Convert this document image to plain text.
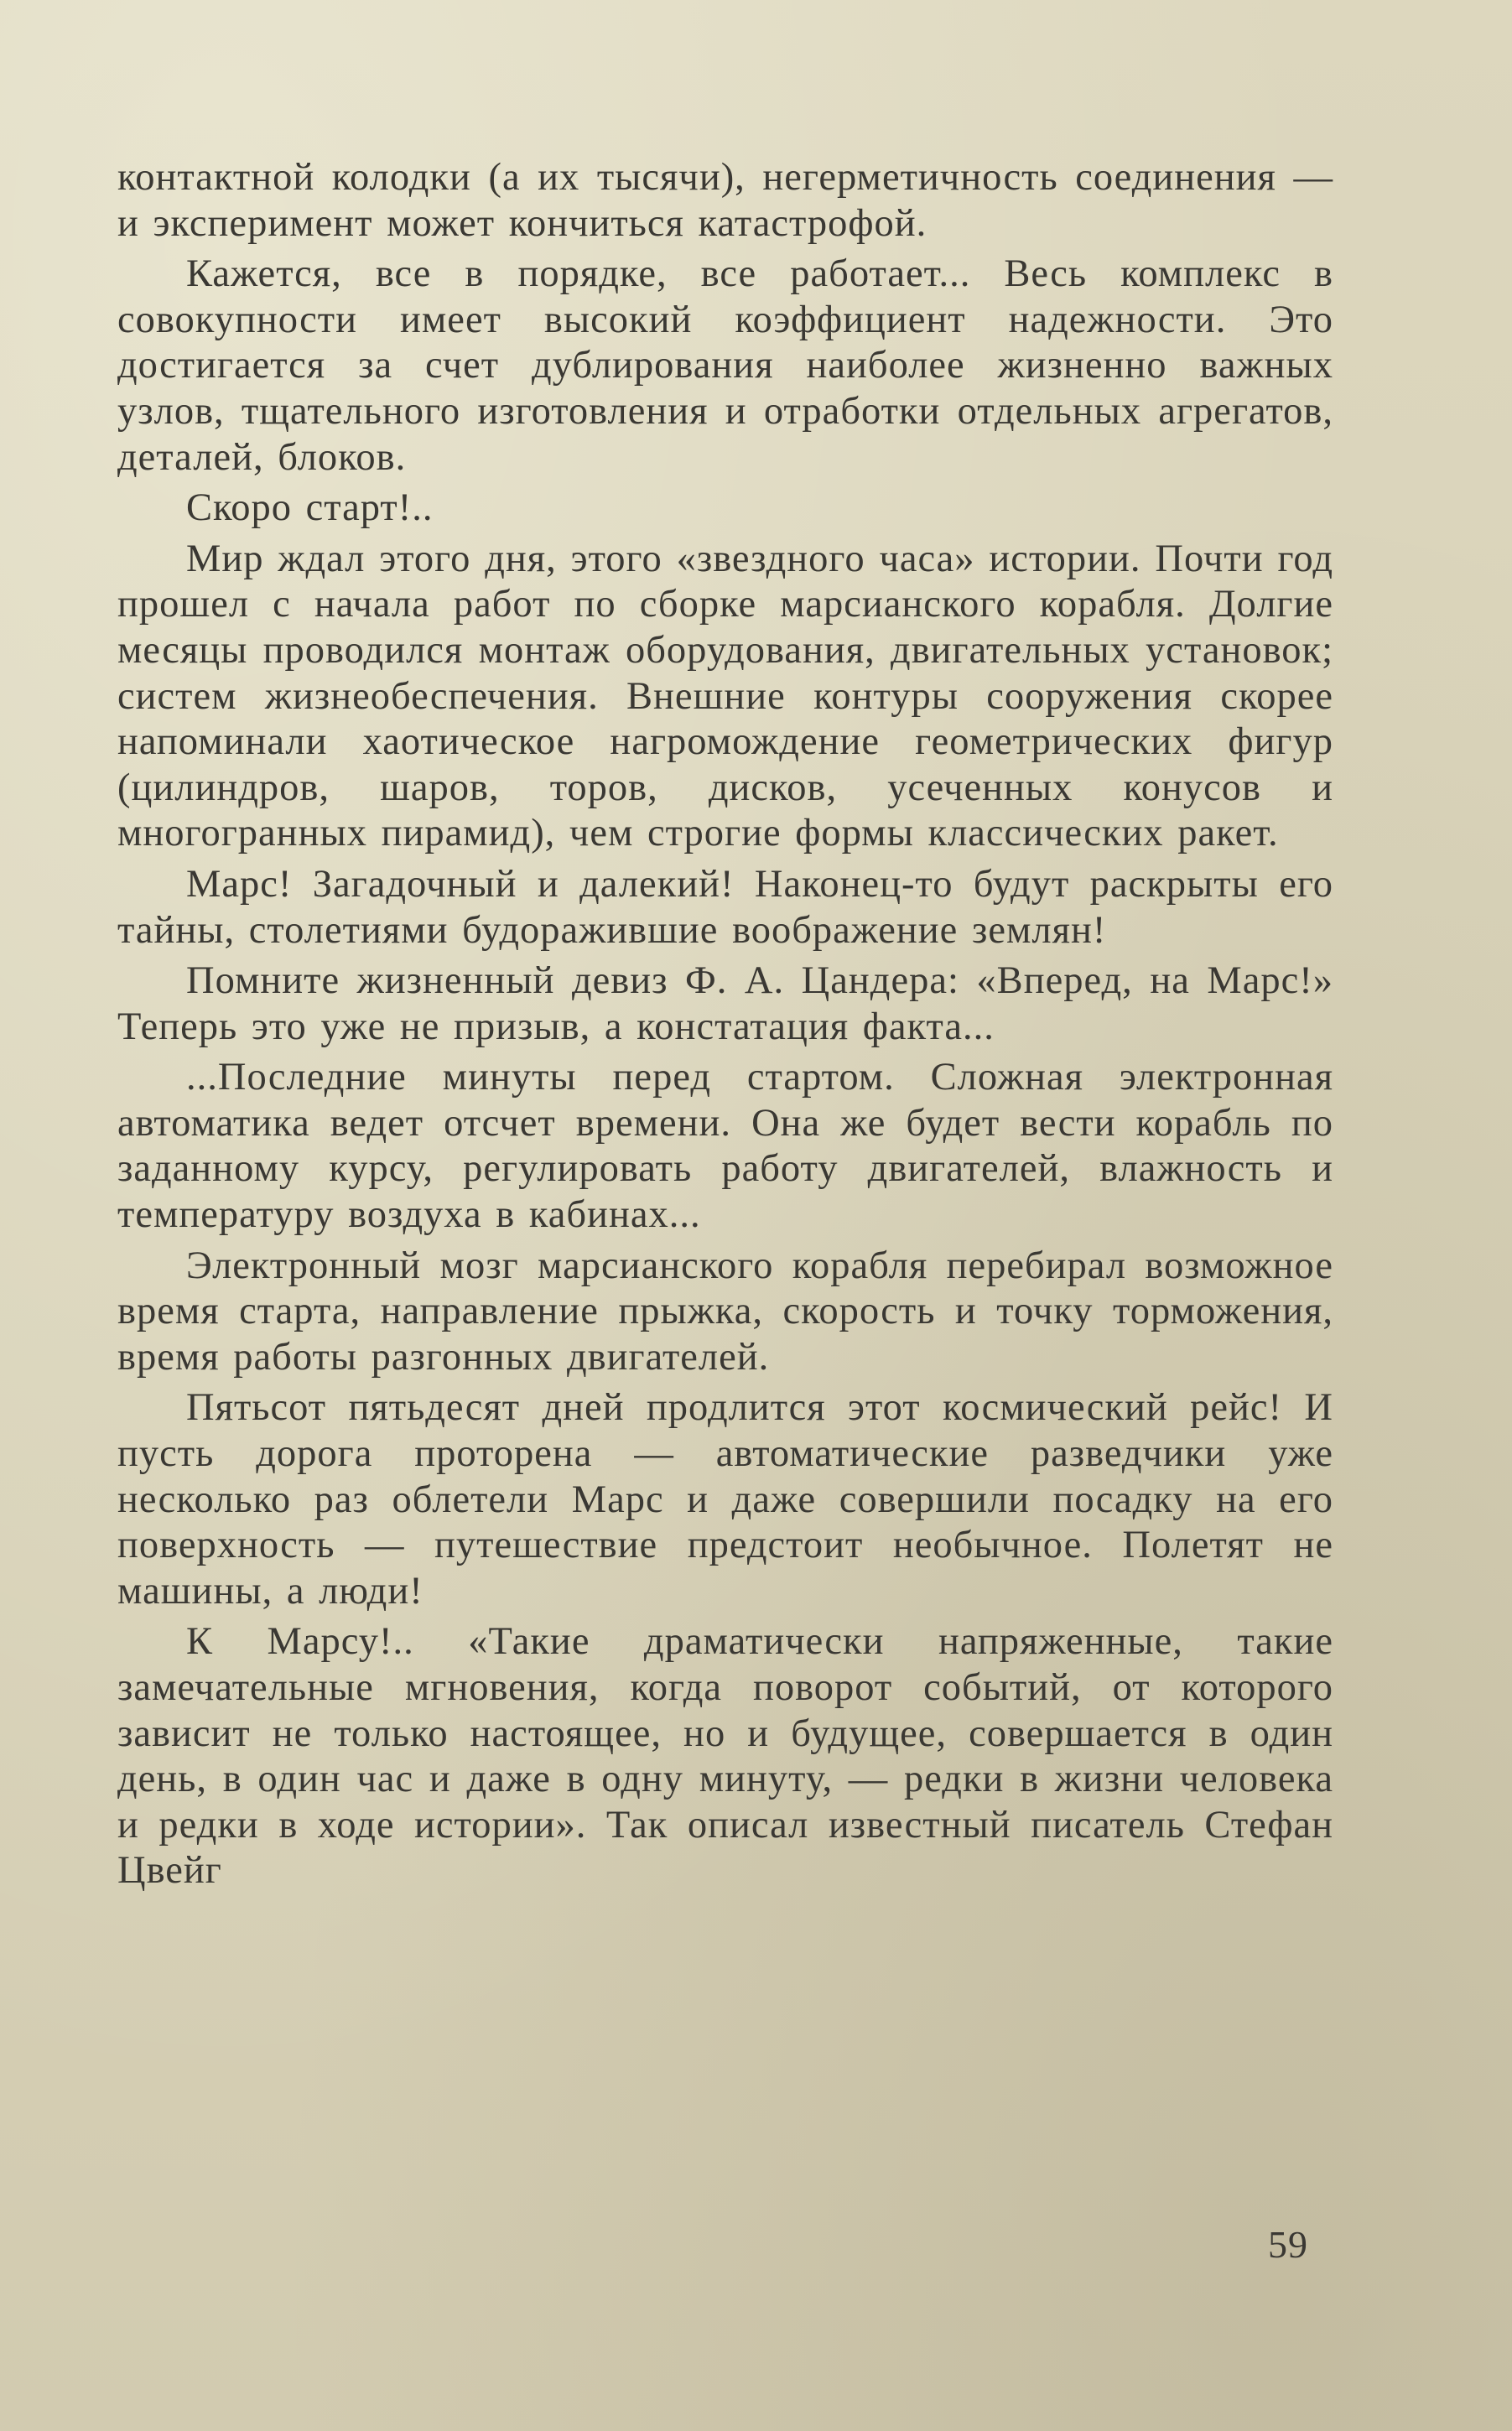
контактной колодки (а их тысячи), негерметичность соединения — и эксперимент может кончиться катастрофой.

Кажется, все в порядке, все работает... Весь комплекс в совокупности имеет высокий коэффициент надежности. Это достигается за счет дублирования наиболее жизненно важных узлов, тщательного изготовления и отработки отдельных агрегатов, деталей, блоков.

Скоро старт!..

Мир ждал этого дня, этого «звездного часа» истории. Почти год прошел с начала работ по сборке марсианского корабля. Долгие месяцы проводился монтаж оборудования, двигательных установок; систем жизнеобеспечения. Внешние контуры сооружения скорее напоминали хаотическое нагромождение геометрических фигур (цилиндров, шаров, торов, дисков, усеченных конусов и многогранных пирамид), чем строгие формы классических ракет.

Марс! Загадочный и далекий! Наконец-то будут раскрыты его тайны, столетиями будоражившие воображение землян!

Помните жизненный девиз Ф. А. Цандера: «Вперед, на Марс!» Теперь это уже не призыв, а констатация факта...

...Последние минуты перед стартом. Сложная электронная автоматика ведет отсчет времени. Она же будет вести корабль по заданному курсу, регулировать работу двигателей, влажность и температуру воздуха в кабинах...

Электронный мозг марсианского корабля перебирал возможное время старта, направление прыжка, скорость и точку торможения, время работы разгонных двигателей.

Пятьсот пятьдесят дней продлится этот космический рейс! И пусть дорога проторена — автоматические разведчики уже несколько раз облетели Марс и даже совершили посадку на его поверхность — путешествие предстоит необычное. Полетят не машины, а люди!

К Марсу!.. «Такие драматически напряженные, такие замечательные мгновения, когда поворот событий, от которого зависит не только настоящее, но и будущее, совершается в один день, в один час и даже в одну минуту, — редки в жизни человека и редки в ходе истории». Так описал известный писатель Стефан Цвейг

59
